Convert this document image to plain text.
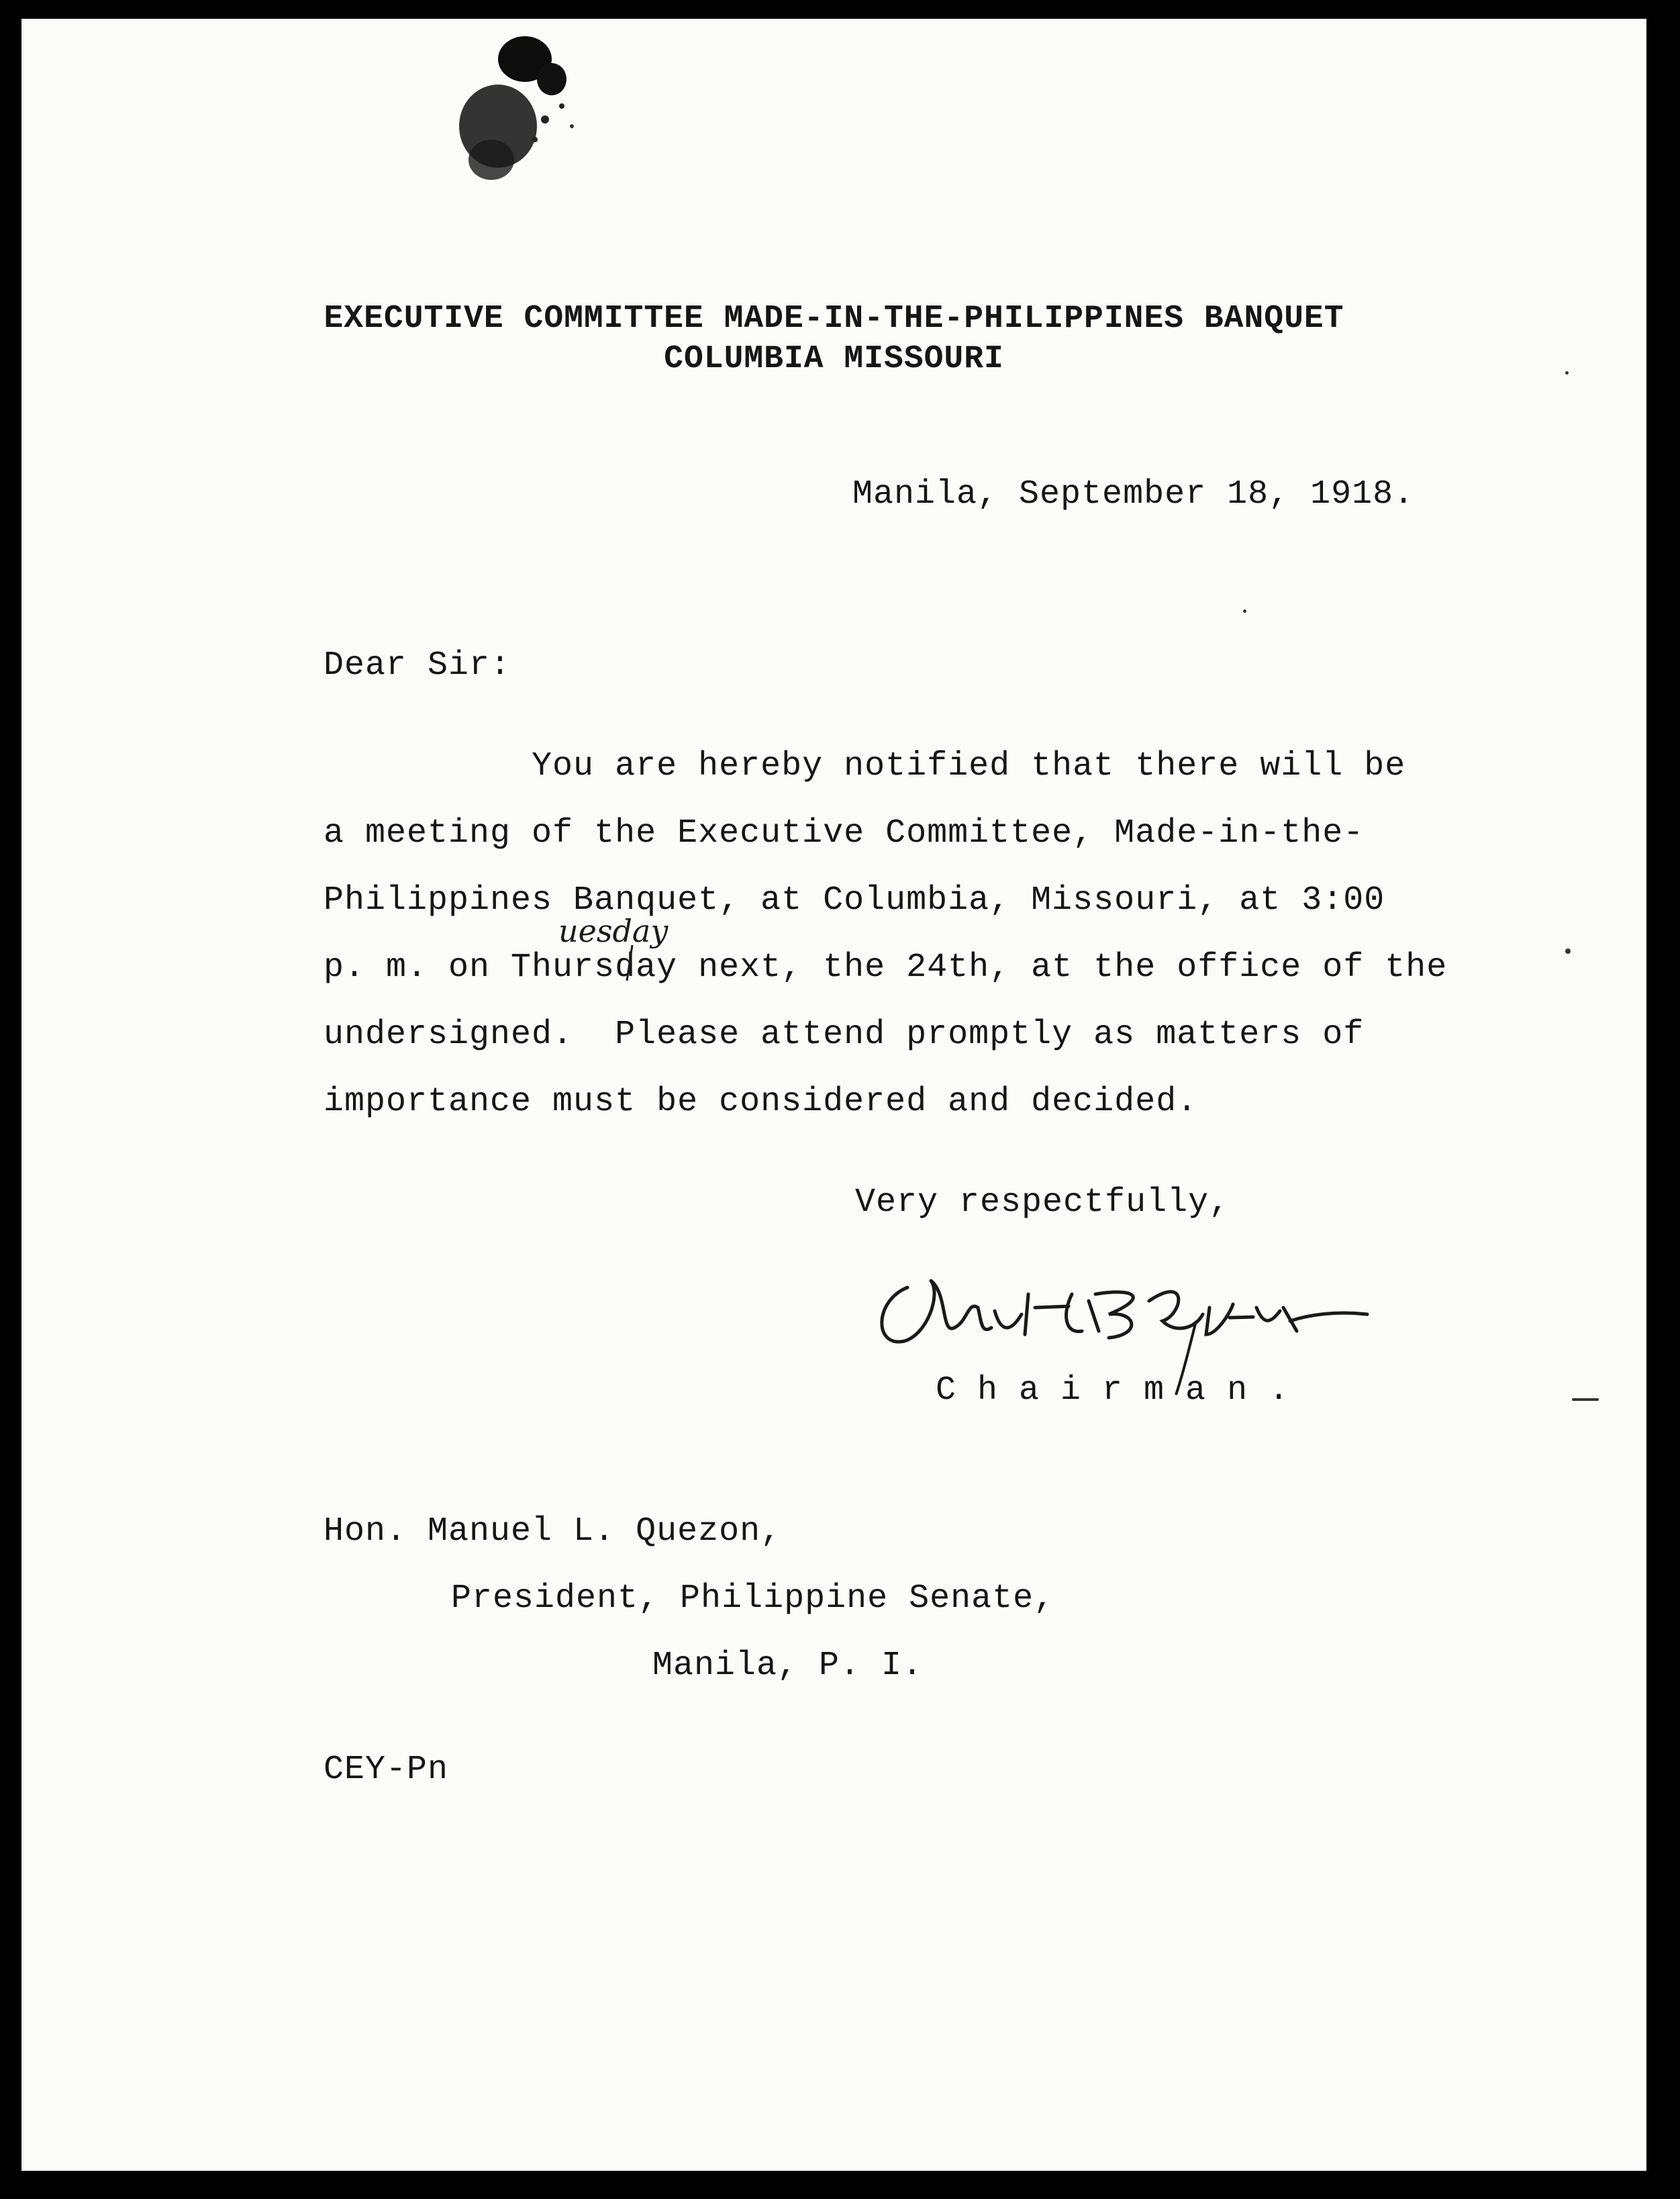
EXECUTIVE COMMITTEE MADE-IN-THE-PHILIPPINES BANQUET
COLUMBIA MISSOURI
Manila, September 18, 1918.
Dear Sir:
You are hereby notified that there will be
a meeting of the Executive Committee, Made-in-the-
Philippines Banquet, at Columbia, Missouri, at 3:00
p. m. on Thursday next, the 24th, at the office of the
undersigned.  Please attend promptly as matters of
importance must be considered and decided.
uesday
Very respectfully,
C h a i r m a n .
Hon. Manuel L. Quezon,
President, Philippine Senate,
Manila, P. I.
CEY-Pn
